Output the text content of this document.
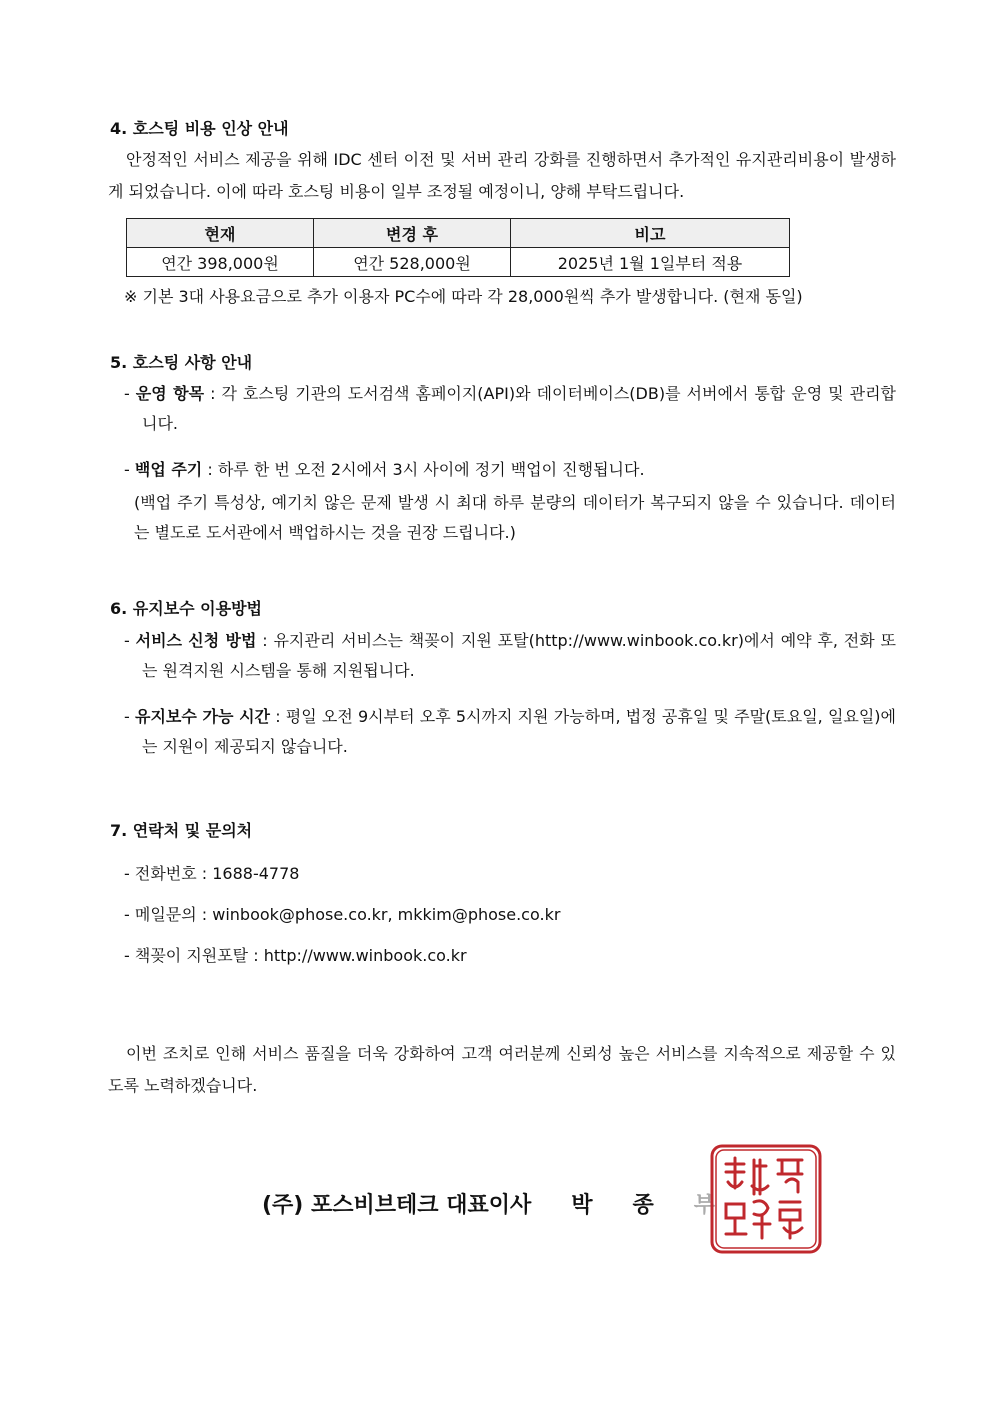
4. 호스팅 비용 인상 안내
안정적인 서비스 제공을 위해 IDC 센터 이전 및 서버 관리 강화를 진행하면서 추가적인 유지관리비용이 발생하게 되었습니다. 이에 따라 호스팅 비용이 일부 조정될 예정이니, 양해 부탁드립니다.
현재	변경 후	비고
연간 398,000원	연간 528,000원	2025년 1월 1일부터 적용
※ 기본 3대 사용요금으로 추가 이용자 PC수에 따라 각 28,000원씩 추가 발생합니다. (현재 동일)
5. 호스팅 사항 안내
- 운영 항목 : 각 호스팅 기관의 도서검색 홈페이지(API)와 데이터베이스(DB)를 서버에서 통합 운영 및 관리합니다.
- 백업 주기 : 하루 한 번 오전 2시에서 3시 사이에 정기 백업이 진행됩니다.
(백업 주기 특성상, 예기치 않은 문제 발생 시 최대 하루 분량의 데이터가 복구되지 않을 수 있습니다. 데이터는 별도로 도서관에서 백업하시는 것을 권장 드립니다.)
6. 유지보수 이용방법
- 서비스 신청 방법 : 유지관리 서비스는 책꽂이 지원 포탈(http://www.winbook.co.kr)에서 예약 후, 전화 또는 원격지원 시스템을 통해 지원됩니다.
- 유지보수 가능 시간 : 평일 오전 9시부터 오후 5시까지 지원 가능하며, 법정 공휴일 및 주말(토요일, 일요일)에는 지원이 제공되지 않습니다.
7. 연락처 및 문의처
- 전화번호 : 1688-4778
- 메일문의 : winbook@phose.co.kr, mkkim@phose.co.kr
- 책꽂이 지원포탈 : http://www.winbook.co.kr
이번 조치로 인해 서비스 품질을 더욱 강화하여 고객 여러분께 신뢰성 높은 서비스를 지속적으로 제공할 수 있도록 노력하겠습니다.
(주) 포스비브테크 대표이사 박 종 부
